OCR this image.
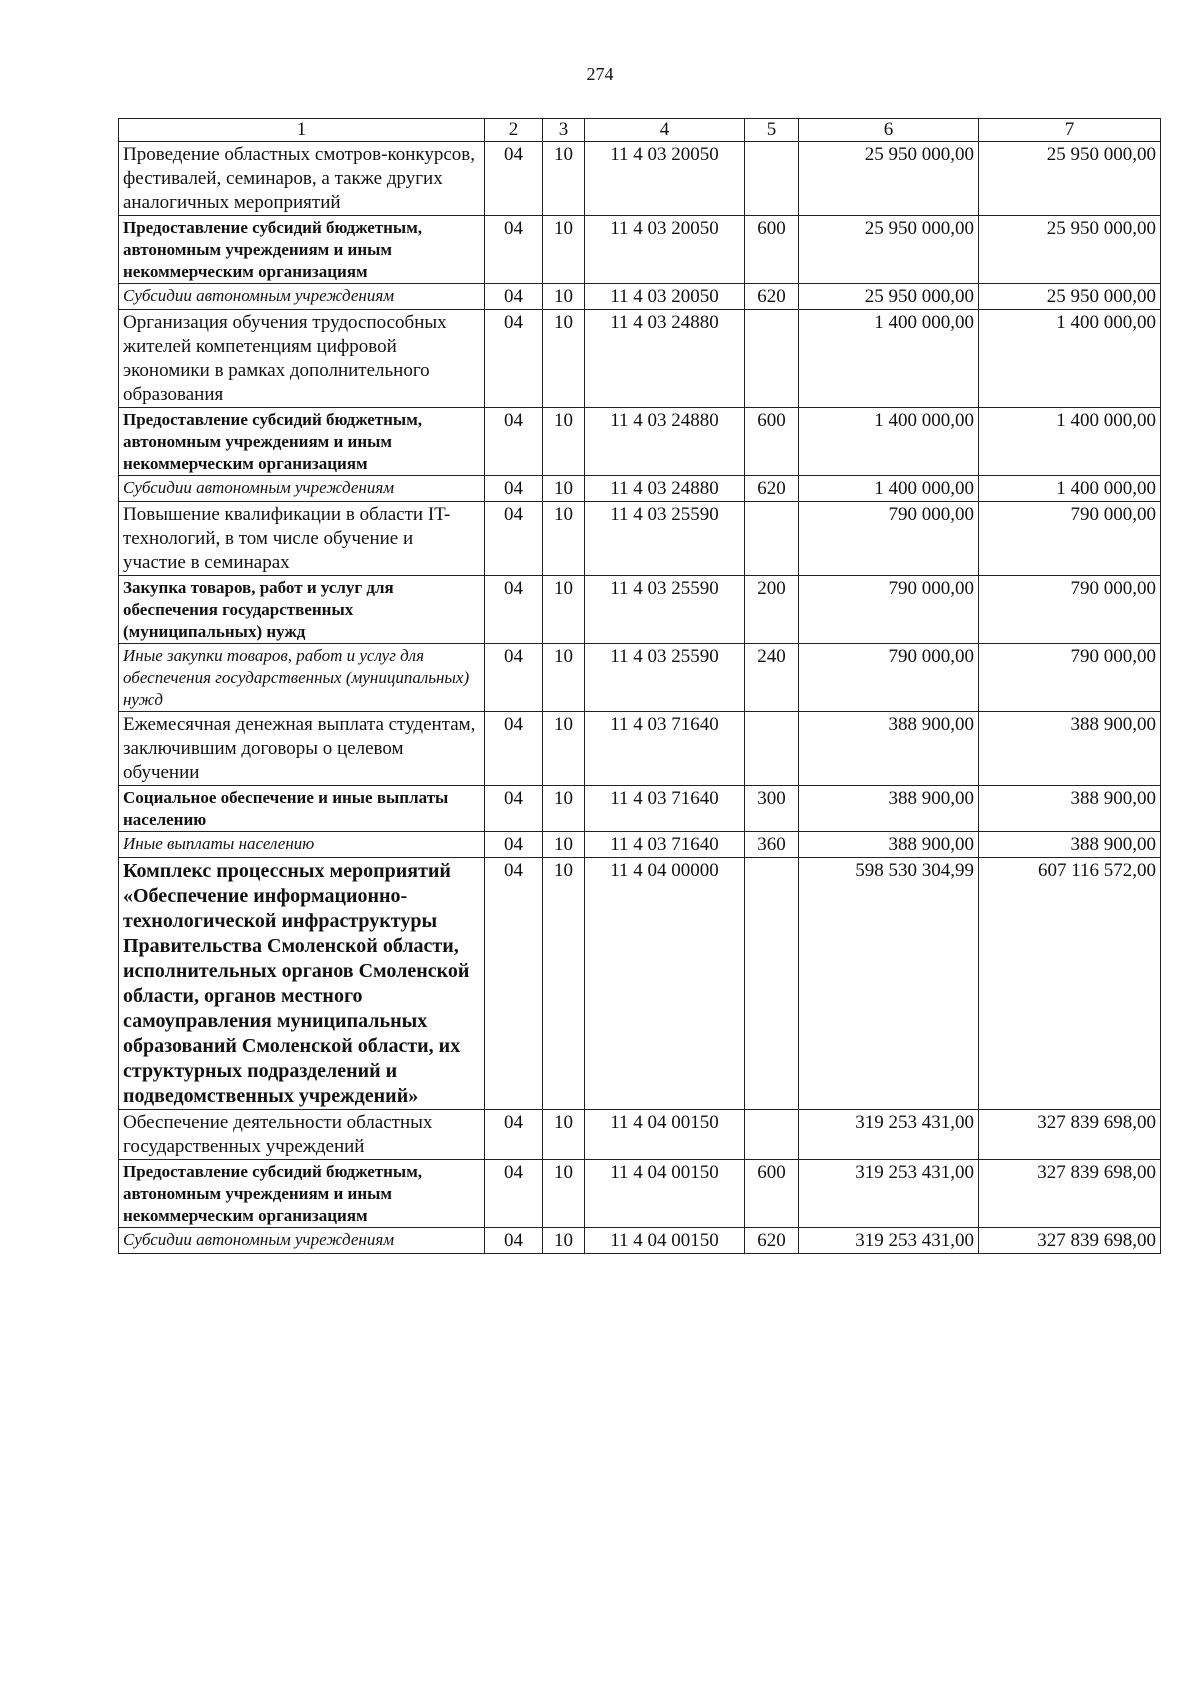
274
1	2	3	4	5	6	7
Проведение областных смотров-конкурсов, фестивалей, семинаров, а также других аналогичных мероприятий	04	10	11 4 03 20050		25 950 000,00	25 950 000,00
Предоставление субсидий бюджетным, автономным учреждениям и иным некоммерческим организациям	04	10	11 4 03 20050	600	25 950 000,00	25 950 000,00
Субсидии автономным учреждениям	04	10	11 4 03 20050	620	25 950 000,00	25 950 000,00
Организация обучения трудоспособных жителей компетенциям цифровой экономики в рамках дополнительного образования	04	10	11 4 03 24880		1 400 000,00	1 400 000,00
Предоставление субсидий бюджетным, автономным учреждениям и иным некоммерческим организациям	04	10	11 4 03 24880	600	1 400 000,00	1 400 000,00
Субсидии автономным учреждениям	04	10	11 4 03 24880	620	1 400 000,00	1 400 000,00
Повышение квалификации в области IT-технологий, в том числе обучение и участие в семинарах	04	10	11 4 03 25590		790 000,00	790 000,00
Закупка товаров, работ и услуг для обеспечения государственных (муниципальных) нужд	04	10	11 4 03 25590	200	790 000,00	790 000,00
Иные закупки товаров, работ и услуг для обеспечения государственных (муниципальных) нужд	04	10	11 4 03 25590	240	790 000,00	790 000,00
Ежемесячная денежная выплата студентам, заключившим договоры о целевом обучении	04	10	11 4 03 71640		388 900,00	388 900,00
Социальное обеспечение и иные выплаты населению	04	10	11 4 03 71640	300	388 900,00	388 900,00
Иные выплаты населению	04	10	11 4 03 71640	360	388 900,00	388 900,00
Комплекс процессных мероприятий «Обеспечение информационно-технологической инфраструктуры Правительства Смоленской области, исполнительных органов Смоленской области, органов местного самоуправления муниципальных образований Смоленской области, их структурных подразделений и подведомственных учреждений»	04	10	11 4 04 00000		598 530 304,99	607 116 572,00
Обеспечение деятельности областных государственных учреждений	04	10	11 4 04 00150		319 253 431,00	327 839 698,00
Предоставление субсидий бюджетным, автономным учреждениям и иным некоммерческим организациям	04	10	11 4 04 00150	600	319 253 431,00	327 839 698,00
Субсидии автономным учреждениям	04	10	11 4 04 00150	620	319 253 431,00	327 839 698,00
